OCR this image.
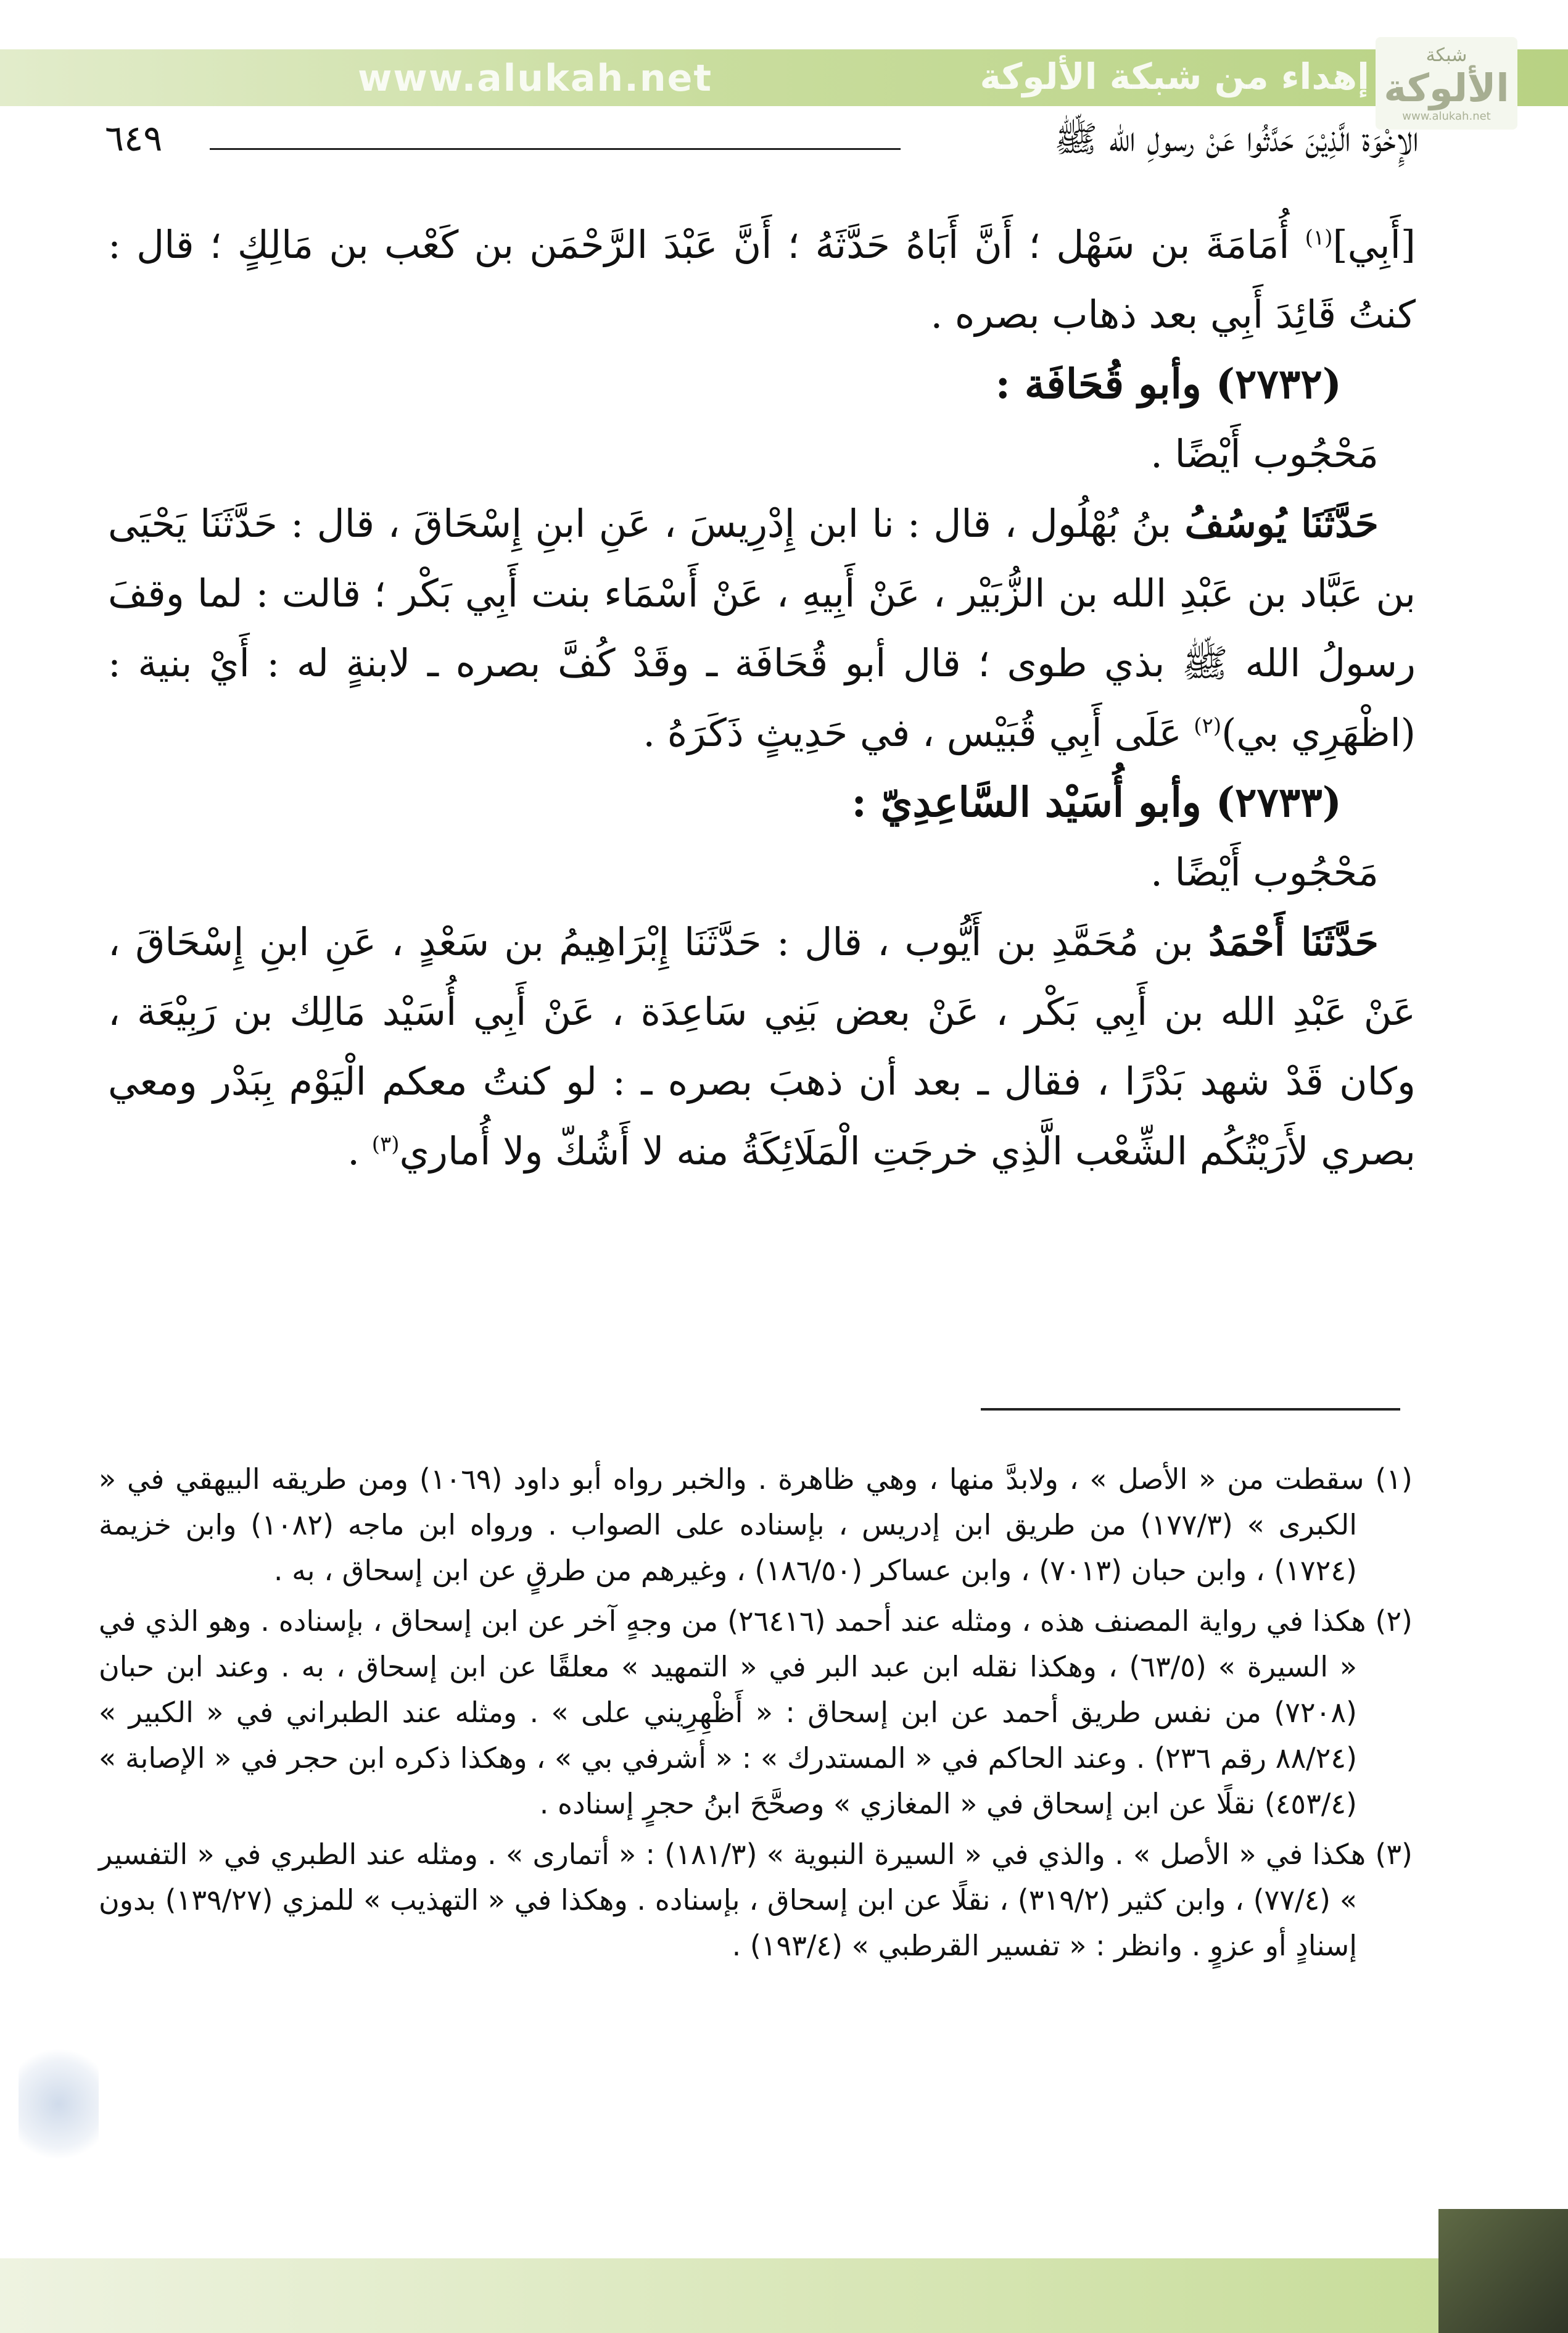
www.alukah.net	إهداء من شبكة الألوكة
شبكة
الألوكة
www.alukah.net
الإِخْوَة الَّذِيْنَ حَدَّثُوا عَنْ رسولِ الله ﷺ
٦٤٩

[أَبِي]$^{(١)}$ أُمَامَةَ بن سَهْل ؛ أَنَّ أَبَاهُ حَدَّثَهُ ؛ أَنَّ عَبْدَ الرَّحْمَن بن كَعْب بن مَالِكٍ ؛ قال : كنتُ قَائِدَ أَبِي بعد ذهاب بصره .

(٢٧٣٢) وأبو قُحَافَة :

مَحْجُوب أَيْضًا .

حَدَّثَنَا يُوسُفُ بنُ بُهْلُول ، قال : نا ابن إِدْرِيسَ ، عَنِ ابنِ إِسْحَاقَ ، قال : حَدَّثَنَا يَحْيَى بن عَبَّاد بن عَبْدِ الله بن الزُّبَيْر ، عَنْ أَبِيهِ ، عَنْ أَسْمَاء بنت أَبِي بَكْر ؛ قالت : لما وقفَ رسولُ الله ﷺ بذي طوى ؛ قال أبو قُحَافَة ـ وقَدْ كُفَّ بصره ـ لابنةٍ له : أَيْ بنية : (اظْهَرِي بي)$^{(٢)}$ عَلَى أَبِي قُبَيْس ، في حَدِيثٍ ذَكَرَهُ .

(٢٧٣٣) وأبو أُسَيْد السَّاعِدِيّ :

مَحْجُوب أَيْضًا .

حَدَّثَنَا أَحْمَدُ بن مُحَمَّدِ بن أَيُّوب ، قال : حَدَّثَنَا إِبْرَاهِيمُ بن سَعْدٍ ، عَنِ ابنِ إِسْحَاقَ ، عَنْ عَبْدِ الله بن أَبِي بَكْر ، عَنْ بعض بَنِي سَاعِدَة ، عَنْ أَبِي أُسَيْد مَالِك بن رَبِيْعَة ، وكان قَدْ شهد بَدْرًا ، فقال ـ بعد أن ذهبَ بصره ـ : لو كنتُ معكم الْيَوْم بِبَدْر ومعي بصري لأَرَيْتُكُم الشِّعْب الَّذِي خرجَتِ الْمَلَائِكَةُ منه لا أَشُكّ ولا أُماري$^{(٣)}$ .

(١) سقطت من « الأصل » ، ولابدَّ منها ، وهي ظاهرة . والخبر رواه أبو داود (١٠٦٩) ومن طريقه البيهقي في « الكبرى » (١٧٧/٣) من طريق ابن إدريس ، بإسناده على الصواب . ورواه ابن ماجه (١٠٨٢) وابن خزيمة (١٧٢٤) ، وابن حبان (٧٠١٣) ، وابن عساكر (١٨٦/٥٠) ، وغيرهم من طرقٍ عن ابن إسحاق ، به .

(٢) هكذا في رواية المصنف هذه ، ومثله عند أحمد (٢٦٤١٦) من وجهٍ آخر عن ابن إسحاق ، بإسناده . وهو الذي في « السيرة » (٦٣/٥) ، وهكذا نقله ابن عبد البر في « التمهيد » معلقًا عن ابن إسحاق ، به . وعند ابن حبان (٧٢٠٨) من نفس طريق أحمد عن ابن إسحاق : « أَظْهِرِيني على » . ومثله عند الطبراني في « الكبير » (٨٨/٢٤ رقم ٢٣٦) . وعند الحاكم في « المستدرك » : « أشرفي بي » ، وهكذا ذكره ابن حجر في « الإصابة » (٤٥٣/٤) نقلًا عن ابن إسحاق في « المغازي » وصحَّحَ ابنُ حجرٍ إسناده .

(٣) هكذا في « الأصل » . والذي في « السيرة النبوية » (١٨١/٣) : « أتماری » . ومثله عند الطبري في « التفسير » (٧٧/٤) ، وابن كثير (٣١٩/٢) ، نقلًا عن ابن إسحاق ، بإسناده . وهكذا في « التهذيب » للمزي (١٣٩/٢٧) بدون إسنادٍ أو عزوٍ . وانظر : « تفسير القرطبي » (١٩٣/٤) .
